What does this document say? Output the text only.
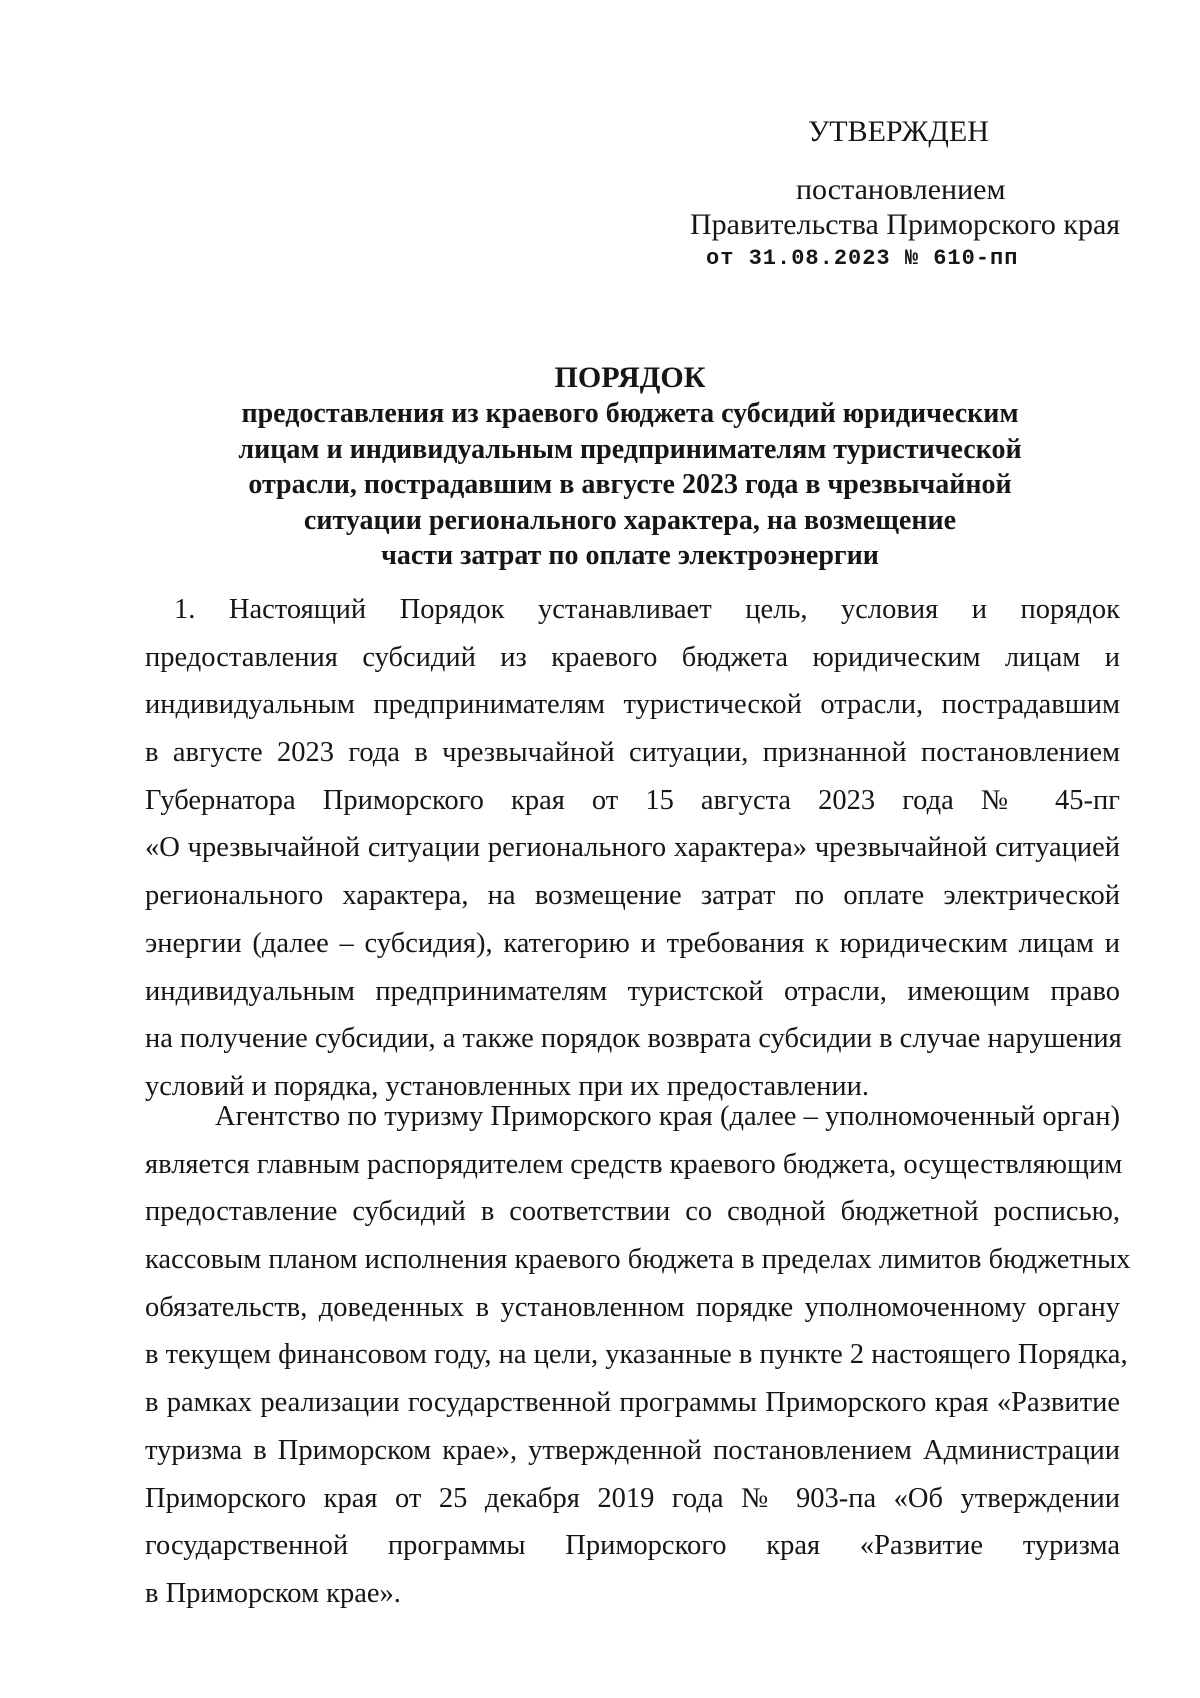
УТВЕРЖДЕН
постановлением
Правительства Приморского края
от 31.08.2023 № 610-пп
ПОРЯДОК
предоставления из краевого бюджета субсидий юридическим
лицам и индивидуальным предпринимателям туристической
отрасли, пострадавшим в августе 2023 года в чрезвычайной
ситуации регионального характера, на возмещение
части затрат по оплате электроэнергии
1. Настоящий Порядок устанавливает цель, условия и порядок
предоставления субсидий из краевого бюджета юридическим лицам и
индивидуальным предпринимателям туристической отрасли, пострадавшим
в августе 2023 года в чрезвычайной ситуации, признанной постановлением
Губернатора Приморского края от 15 августа 2023 года № 45-пг
«О чрезвычайной ситуации регионального характера» чрезвычайной ситуацией
регионального характера, на возмещение затрат по оплате электрической
энергии (далее – субсидия), категорию и требования к юридическим лицам и
индивидуальным предпринимателям туристской отрасли, имеющим право
на получение субсидии, а также порядок возврата субсидии в случае нарушения
условий и порядка, установленных при их предоставлении.
Агентство по туризму Приморского края (далее – уполномоченный орган)
является главным распорядителем средств краевого бюджета, осуществляющим
предоставление субсидий в соответствии со сводной бюджетной росписью,
кассовым планом исполнения краевого бюджета в пределах лимитов бюджетных
обязательств, доведенных в установленном порядке уполномоченному органу
в текущем финансовом году, на цели, указанные в пункте 2 настоящего Порядка,
в рамках реализации государственной программы Приморского края «Развитие
туризма в Приморском крае», утвержденной постановлением Администрации
Приморского края от 25 декабря 2019 года № 903-па «Об утверждении
государственной программы Приморского края «Развитие туризма
в Приморском крае».
